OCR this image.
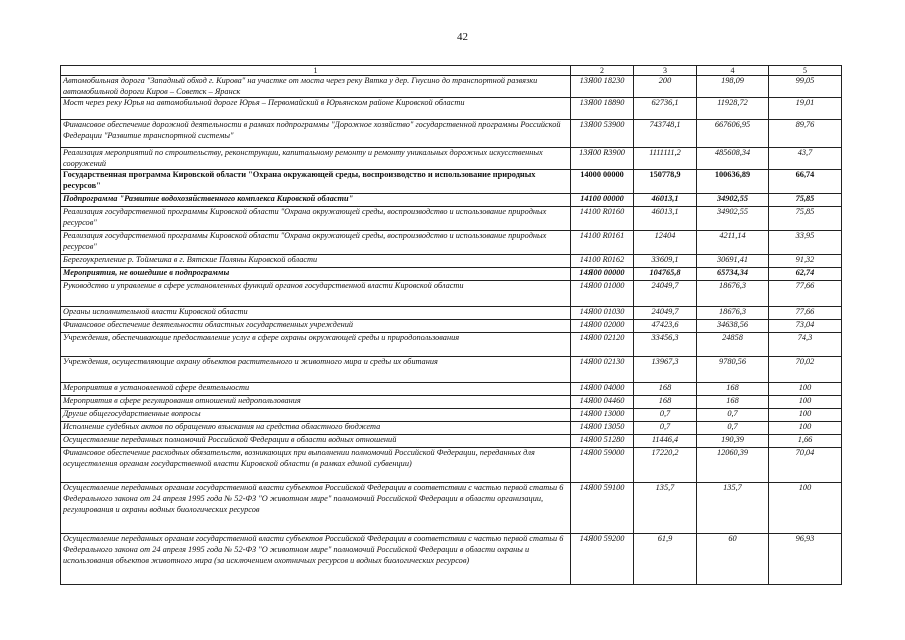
42
1	2	3	4	5
Автомобильная дорога "Западный обход г. Кирова" на участке от моста через реку Вятка у дер. Гнусино до транспортной развязки автомобильной дороги Киров – Советск – Яранск	13Я00 18230	200	198,09	99,05
Мост через реку Юрья на автомобильной дороге Юрья – Первомайский в Юрьянском районе Кировской области	13Я00 18890	62736,1	11928,72	19,01
Финансовое обеспечение дорожной деятельности в рамках подпрограммы "Дорожное хозяйство" государственной программы Российской Федерации "Развитие транспортной системы"	13Я00 53900	743748,1	667606,95	89,76
Реализация мероприятий по строительству, реконструкции, капитальному ремонту и ремонту уникальных дорожных искусственных сооружений	13Я00 R3900	1111111,2	485608,34	43,7
Государственная программа Кировской области "Охрана окружающей среды, воспроизводство и использование природных ресурсов"	14000 00000	150778,9	100636,89	66,74
Подпрограмма "Развитие водохозяйственного комплекса Кировской области"	14100 00000	46013,1	34902,55	75,85
Реализация государственной программы Кировской области "Охрана окружающей среды, воспроизводство и использование природных ресурсов"	14100 R0160	46013,1	34902,55	75,85
Реализация государственной программы Кировской области "Охрана окружающей среды, воспроизводство и использование природных ресурсов"	14100 R0161	12404	4211,14	33,95
Берегоукрепление р. Тоймешка в г. Вятские Поляны Кировской области	14100 R0162	33609,1	30691,41	91,32
Мероприятия, не вошедшие в подпрограммы	14Я00 00000	104765,8	65734,34	62,74
Руководство и управление в сфере установленных функций органов государственной власти Кировской области	14Я00 01000	24049,7	18676,3	77,66
Органы исполнительной власти Кировской области	14Я00 01030	24049,7	18676,3	77,66
Финансовое обеспечение деятельности областных государственных учреждений	14Я00 02000	47423,6	34638,56	73,04
Учреждения, обеспечивающие предоставление услуг в сфере охраны окружающей среды и природопользования	14Я00 02120	33456,3	24858	74,3
Учреждения, осуществляющие охрану объектов растительного и животного мира и среды их обитания	14Я00 02130	13967,3	9780,56	70,02
Мероприятия в установленной сфере деятельности	14Я00 04000	168	168	100
Мероприятия в сфере регулирования отношений недропользования	14Я00 04460	168	168	100
Другие общегосударственные вопросы	14Я00 13000	0,7	0,7	100
Исполнение судебных актов по обращению взыскания на средства областного бюджета	14Я00 13050	0,7	0,7	100
Осуществление переданных полномочий Российской Федерации в области водных отношений	14Я00 51280	11446,4	190,39	1,66
Финансовое обеспечение расходных обязательств, возникающих при выполнении полномочий Российской Федерации, переданных для осуществления органам государственной власти Кировской области (в рамках единой субвенции)	14Я00 59000	17220,2	12060,39	70,04
Осуществление переданных органам государственной власти субъектов Российской Федерации в соответствии с частью первой статьи 6 Федерального закона от 24 апреля 1995 года № 52-ФЗ "О животном мире" полномочий Российской Федерации в области организации, регулирования и охраны водных биологических ресурсов	14Я00 59100	135,7	135,7	100
Осуществление переданных органам государственной власти субъектов Российской Федерации в соответствии с частью первой статьи 6 Федерального закона от 24 апреля 1995 года № 52-ФЗ "О животном мире" полномочий Российской Федерации в области охраны и использования объектов животного мира (за исключением охотничьих ресурсов и водных биологических ресурсов)	14Я00 59200	61,9	60	96,93
